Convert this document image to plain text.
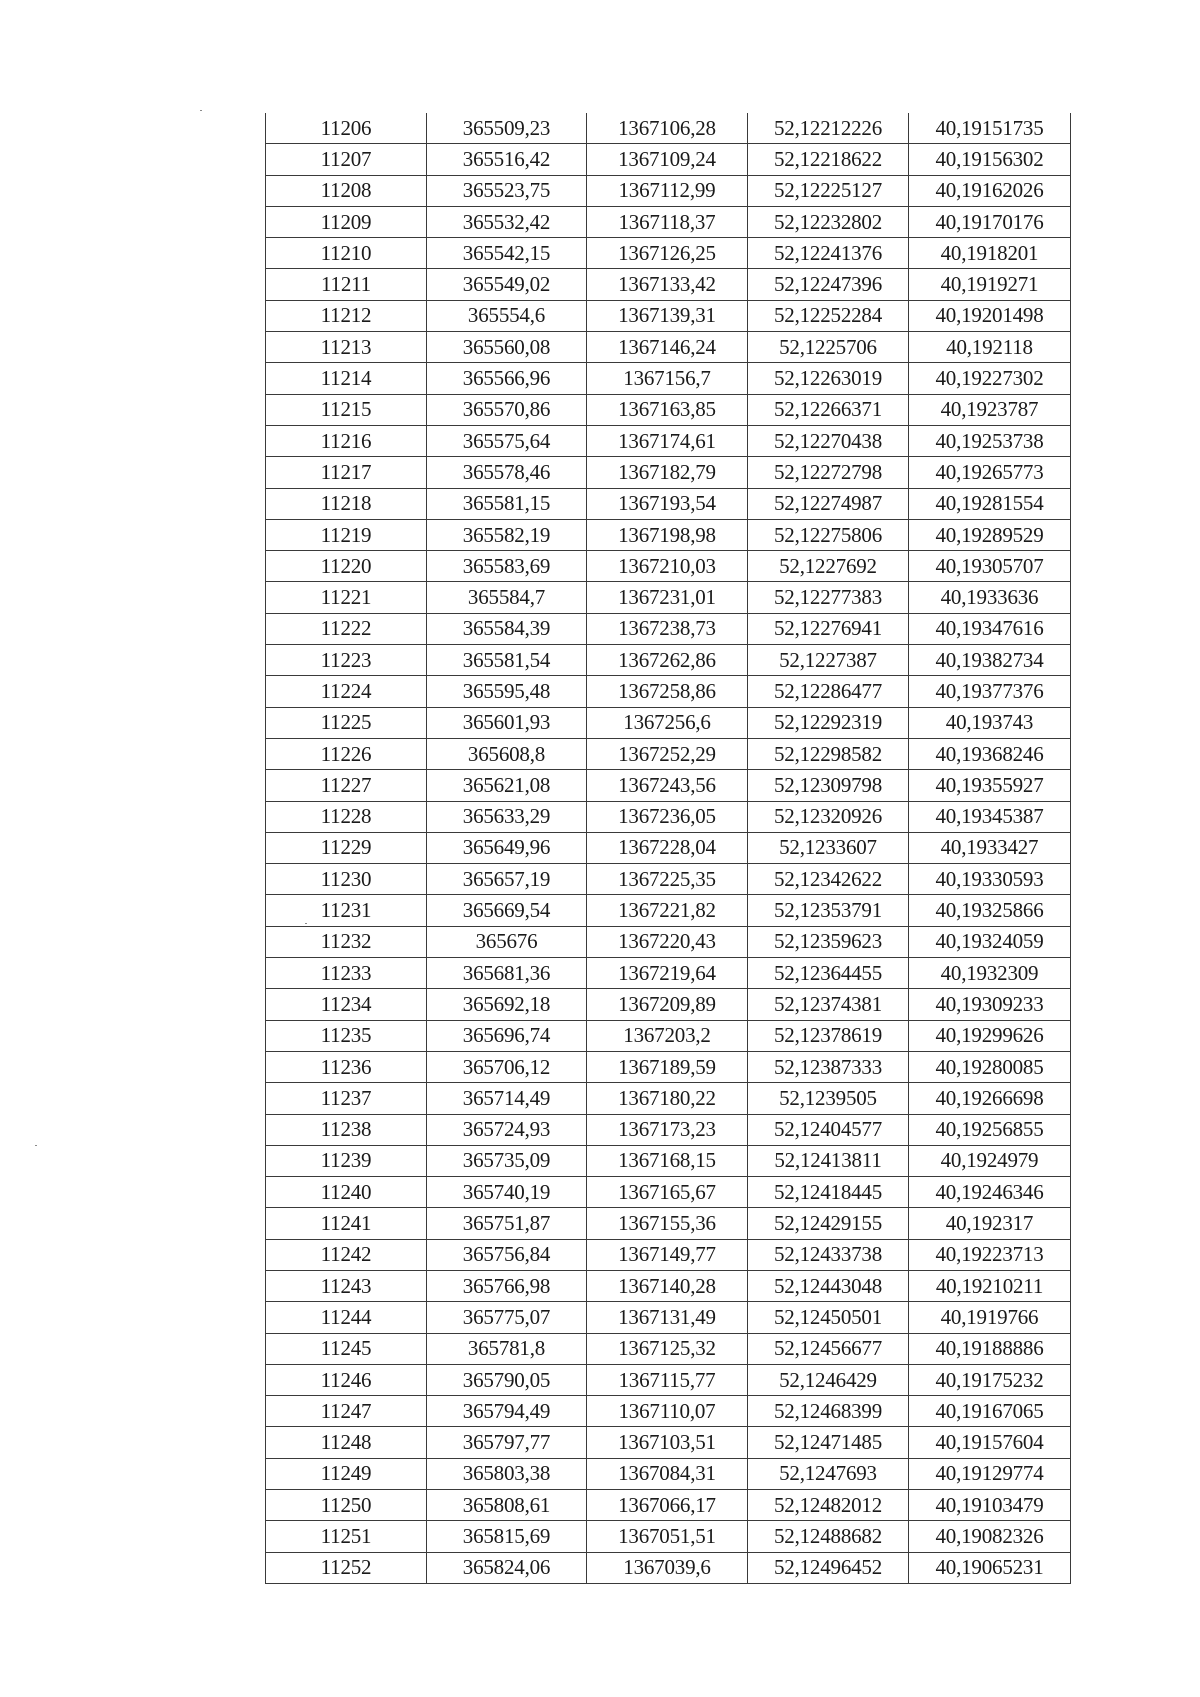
11206	365509,23	1367106,28	52,12212226	40,19151735
11207	365516,42	1367109,24	52,12218622	40,19156302
11208	365523,75	1367112,99	52,12225127	40,19162026
11209	365532,42	1367118,37	52,12232802	40,19170176
11210	365542,15	1367126,25	52,12241376	40,1918201
11211	365549,02	1367133,42	52,12247396	40,1919271
11212	365554,6	1367139,31	52,12252284	40,19201498
11213	365560,08	1367146,24	52,1225706	40,192118
11214	365566,96	1367156,7	52,12263019	40,19227302
11215	365570,86	1367163,85	52,12266371	40,1923787
11216	365575,64	1367174,61	52,12270438	40,19253738
11217	365578,46	1367182,79	52,12272798	40,19265773
11218	365581,15	1367193,54	52,12274987	40,19281554
11219	365582,19	1367198,98	52,12275806	40,19289529
11220	365583,69	1367210,03	52,1227692	40,19305707
11221	365584,7	1367231,01	52,12277383	40,1933636
11222	365584,39	1367238,73	52,12276941	40,19347616
11223	365581,54	1367262,86	52,1227387	40,19382734
11224	365595,48	1367258,86	52,12286477	40,19377376
11225	365601,93	1367256,6	52,12292319	40,193743
11226	365608,8	1367252,29	52,12298582	40,19368246
11227	365621,08	1367243,56	52,12309798	40,19355927
11228	365633,29	1367236,05	52,12320926	40,19345387
11229	365649,96	1367228,04	52,1233607	40,1933427
11230	365657,19	1367225,35	52,12342622	40,19330593
11231	365669,54	1367221,82	52,12353791	40,19325866
11232	365676	1367220,43	52,12359623	40,19324059
11233	365681,36	1367219,64	52,12364455	40,1932309
11234	365692,18	1367209,89	52,12374381	40,19309233
11235	365696,74	1367203,2	52,12378619	40,19299626
11236	365706,12	1367189,59	52,12387333	40,19280085
11237	365714,49	1367180,22	52,1239505	40,19266698
11238	365724,93	1367173,23	52,12404577	40,19256855
11239	365735,09	1367168,15	52,12413811	40,1924979
11240	365740,19	1367165,67	52,12418445	40,19246346
11241	365751,87	1367155,36	52,12429155	40,192317
11242	365756,84	1367149,77	52,12433738	40,19223713
11243	365766,98	1367140,28	52,12443048	40,19210211
11244	365775,07	1367131,49	52,12450501	40,1919766
11245	365781,8	1367125,32	52,12456677	40,19188886
11246	365790,05	1367115,77	52,1246429	40,19175232
11247	365794,49	1367110,07	52,12468399	40,19167065
11248	365797,77	1367103,51	52,12471485	40,19157604
11249	365803,38	1367084,31	52,1247693	40,19129774
11250	365808,61	1367066,17	52,12482012	40,19103479
11251	365815,69	1367051,51	52,12488682	40,19082326
11252	365824,06	1367039,6	52,12496452	40,19065231
